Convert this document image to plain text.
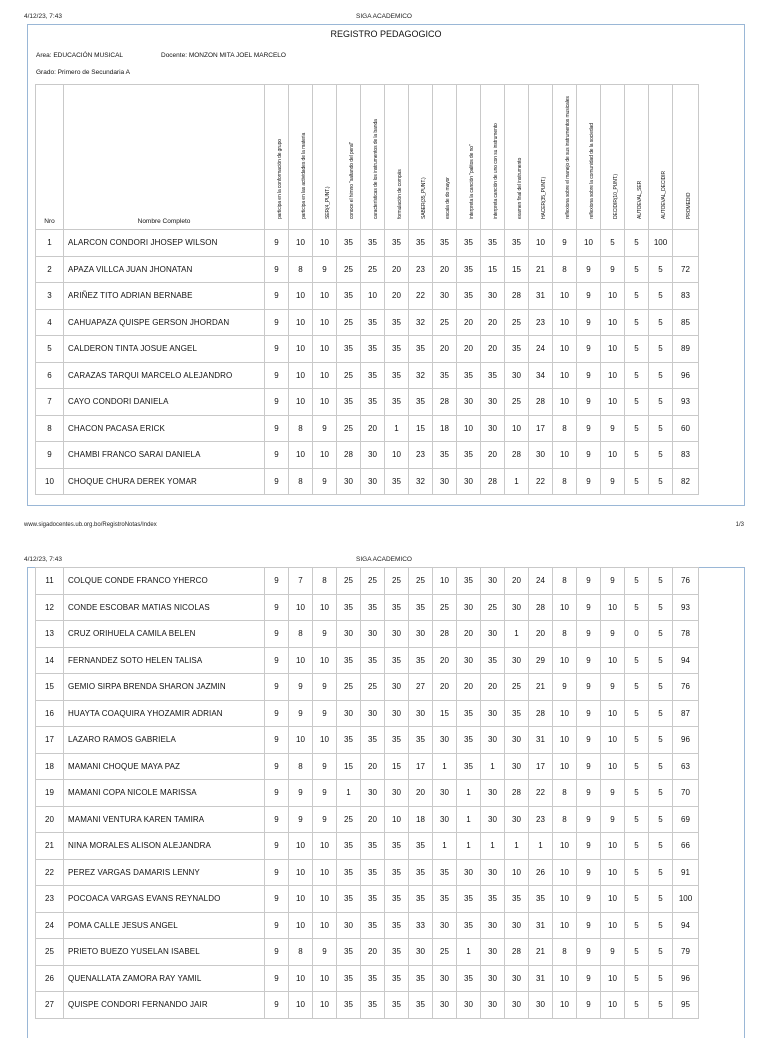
4/12/23, 7:43	SIGA ACADEMICO
REGISTRO PEDAGOGICO
Area: EDUCACIÓN MUSICAL	Docente: MONZON MITA JOEL MARCELO
Grado: Primero de Secundaria A
Nro	Nombre Completo	participa en la conformación de grupo	participa en las actividades de la materia	SER(4_PUNT.)	conoce el himno "saltando del peral"	características de los instrumentos de la banda	formulación de compás	SABER(35_PUNT.)	escala de do mayor	interpreta la canción "palitos de no"	interpreta canción de uno con su instrumento	examen final del instrumento	HACER(35_PUNT.)	reflexiona sobre el manejo de sus instrumentos musicales	reflexiona sobre la comunidad de la sociedad	DECIDIR(10_PUNT.)	AUTOEVAL_SER	AUTOEVAL_DECIDIR	PROMEDIO

1	ALARCON CONDORI JHOSEP WILSON	9	10	10	35	35	35	35	35	35	35	35	10	9	10	5	5	100	
2	APAZA VILLCA JUAN JHONATAN	9	8	9	25	25	20	23	20	35	15	15	21	8	9	9	5	5	72
3	ARIÑEZ TITO ADRIAN BERNABE	9	10	10	35	10	20	22	30	35	30	28	31	10	9	10	5	5	83
4	CAHUAPAZA QUISPE GERSON JHORDAN	9	10	10	25	35	35	32	25	20	20	25	23	10	9	10	5	5	85
5	CALDERON TINTA JOSUE ANGEL	9	10	10	35	35	35	35	20	20	20	35	24	10	9	10	5	5	89
6	CARAZAS TARQUI MARCELO ALEJANDRO	9	10	10	25	35	35	32	35	35	35	30	34	10	9	10	5	5	96
7	CAYO CONDORI DANIELA	9	10	10	35	35	35	35	28	30	30	25	28	10	9	10	5	5	93
8	CHACON PACASA ERICK	9	8	9	25	20	1	15	18	10	30	10	17	8	9	9	5	5	60
9	CHAMBI FRANCO SARAI DANIELA	9	10	10	28	30	10	23	35	35	20	28	30	10	9	10	5	5	83
10	CHOQUE CHURA DEREK YOMAR	9	8	9	30	30	35	32	30	30	28	1	22	8	9	9	5	5	82
www.sigadocentes.ub.org.bo/RegistroNotas/Index	1/3
4/12/23, 7:43	SIGA ACADEMICO
11	COLQUE CONDE FRANCO YHERCO	9	7	8	25	25	25	25	10	35	30	20	24	8	9	9	5	5	76
12	CONDE ESCOBAR MATIAS NICOLAS	9	10	10	35	35	35	35	25	30	25	30	28	10	9	10	5	5	93
13	CRUZ ORIHUELA CAMILA BELEN	9	8	9	30	30	30	30	28	20	30	1	20	8	9	9	0	5	78
14	FERNANDEZ SOTO HELEN TALISA	9	10	10	35	35	35	35	20	30	35	30	29	10	9	10	5	5	94
15	GEMIO SIRPA BRENDA SHARON JAZMIN	9	9	9	25	25	30	27	20	20	20	25	21	9	9	9	5	5	76
16	HUAYTA COAQUIRA YHOZAMIR ADRIAN	9	9	9	30	30	30	30	15	35	30	35	28	10	9	10	5	5	87
17	LAZARO RAMOS GABRIELA	9	10	10	35	35	35	35	30	35	30	30	31	10	9	10	5	5	96
18	MAMANI CHOQUE MAYA PAZ	9	8	9	15	20	15	17	1	35	1	30	17	10	9	10	5	5	63
19	MAMANI COPA NICOLE MARISSA	9	9	9	1	30	30	20	30	1	30	28	22	8	9	9	5	5	70
20	MAMANI VENTURA KAREN TAMIRA	9	9	9	25	20	10	18	30	1	30	30	23	8	9	9	5	5	69
21	NINA MORALES ALISON ALEJANDRA	9	10	10	35	35	35	35	1	1	1	1	1	10	9	10	5	5	66
22	PEREZ VARGAS DAMARIS LENNY	9	10	10	35	35	35	35	35	30	30	10	26	10	9	10	5	5	91
23	POCOACA VARGAS EVANS REYNALDO	9	10	10	35	35	35	35	35	35	35	35	35	10	9	10	5	5	100
24	POMA CALLE JESUS ANGEL	9	10	10	30	35	35	33	30	35	30	30	31	10	9	10	5	5	94
25	PRIETO BUEZO YUSELAN ISABEL	9	8	9	35	20	35	30	25	1	30	28	21	8	9	9	5	5	79
26	QUENALLATA ZAMORA RAY YAMIL	9	10	10	35	35	35	35	30	35	30	30	31	10	9	10	5	5	96
27	QUISPE CONDORI FERNANDO JAIR	9	10	10	35	35	35	35	30	30	30	30	30	10	9	10	5	5	95
